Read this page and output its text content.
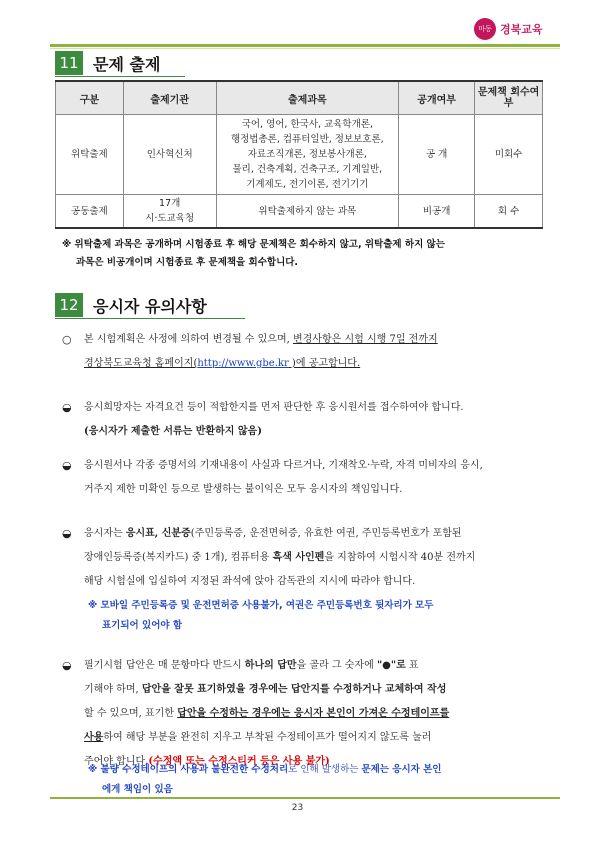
마동 경북교육
11 문제 출제
구분	출제기관	출제과목	공개여부	문제책 회수여부
위탁출제	인사혁신처	국어, 영어, 한국사, 교육학개론,
행정법총론, 컴퓨터일반, 정보보호론,
자료조직개론, 정보봉사개론,
물리, 건축계획, 건축구조, 기계일반,
기계제도, 전기이론, 전기기기	공 개	미회수
공동출제	17개
시·도교육청	위탁출제하지 않는 과목	비공개	회 수
※ 위탁출제 과목은 공개하며 시험종료 후 해당 문제책은 회수하지 않고, 위탁출제 하지 않는
과목은 비공개이며 시험종료 후 문제책을 회수합니다.
12 응시자 유의사항
○ 본 시험계획은 사정에 의하여 변경될 수 있으며, 변경사항은 시험 시행 7일 전까지
경상북도교육청 홈페이지(http://www.gbe.kr )에 공고합니다.
◒ 응시희망자는 자격요건 등이 적합한지를 먼저 판단한 후 응시원서를 접수하여야 합니다.
(응시자가 제출한 서류는 반환하지 않음)
◒ 응시원서나 각종 증명서의 기재내용이 사실과 다르거나, 기재착오·누락, 자격 미비자의 응시,
거주지 제한 미확인 등으로 발생하는 불이익은 모두 응시자의 책임입니다.
◒ 응시자는 응시표, 신분증(주민등록증, 운전면허증, 유효한 여권, 주민등록번호가 포함된
장애인등록증(복지카드) 중 1개), 컴퓨터용 흑색 사인펜을 지참하여 시험시작 40분 전까지
해당 시험실에 입실하여 지정된 좌석에 앉아 감독관의 지시에 따라야 합니다.
※ 모바일 주민등록증 및 운전면허증 사용불가, 여권은 주민등록번호 뒷자리가 모두
표기되어 있어야 함
◒ 필기시험 답안은 매 문항마다 반드시 하나의 답만을 골라 그 숫자에 "●"로 표
기해야 하며, 답안을 잘못 표기하였을 경우에는 답안지를 수정하거나 교체하여 작성
할 수 있으며, 표기한 답안을 수정하는 경우에는 응시자 본인이 가져온 수정테이프를
사용하여 해당 부분을 완전히 지우고 부착된 수정테이프가 떨어지지 않도록 눌러
주어야 합니다.(수정액 또는 수정스티커 등은 사용 불가)
※ 불량 수정테이프의 사용과 불완전한 수정처리로 인해 발생하는 문제는 응시자 본인
에게 책임이 있음
23
